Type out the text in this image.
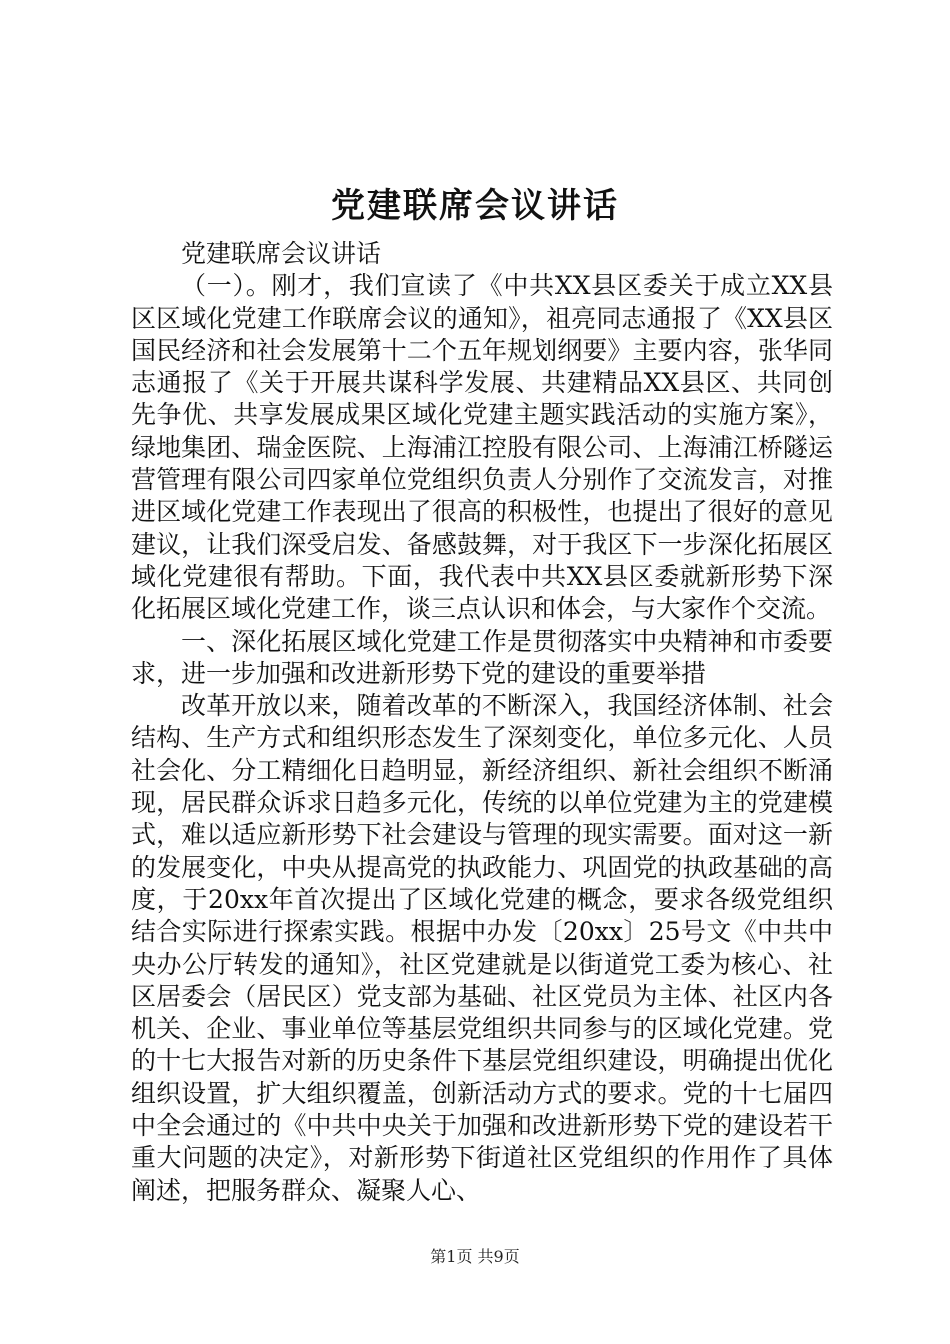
党建联席会议讲话

党建联席会议讲话

（一）。刚才，我们宣读了《中共XX县区委关于成立XX县区区域化党建工作联席会议的通知》，祖亮同志通报了《XX县区国民经济和社会发展第十二个五年规划纲要》主要内容，张华同志通报了《关于开展共谋科学发展、共建精品XX县区、共同创先争优、共享发展成果区域化党建主题实践活动的实施方案》，绿地集团、瑞金医院、上海浦江控股有限公司、上海浦江桥隧运营管理有限公司四家单位党组织负责人分别作了交流发言，对推进区域化党建工作表现出了很高的积极性，也提出了很好的意见建议，让我们深受启发、备感鼓舞，对于我区下一步深化拓展区域化党建很有帮助。下面，我代表中共XX县区委就新形势下深化拓展区域化党建工作，谈三点认识和体会，与大家作个交流。

一、深化拓展区域化党建工作是贯彻落实中央精神和市委要求，进一步加强和改进新形势下党的建设的重要举措

改革开放以来，随着改革的不断深入，我国经济体制、社会结构、生产方式和组织形态发生了深刻变化，单位多元化、人员社会化、分工精细化日趋明显，新经济组织、新社会组织不断涌现，居民群众诉求日趋多元化，传统的以单位党建为主的党建模式，难以适应新形势下社会建设与管理的现实需要。面对这一新的发展变化，中央从提高党的执政能力、巩固党的执政基础的高度，于20xx年首次提出了区域化党建的概念，要求各级党组织结合实际进行探索实践。根据中办发〔20xx〕25号文《中共中央办公厅转发的通知》，社区党建就是以街道党工委为核心、社区居委会（居民区）党支部为基础、社区党员为主体、社区内各机关、企业、事业单位等基层党组织共同参与的区域化党建。党的十七大报告对新的历史条件下基层党组织建设，明确提出优化组织设置，扩大组织覆盖，创新活动方式的要求。党的十七届四中全会通过的《中共中央关于加强和改进新形势下党的建设若干重大问题的决定》，对新形势下街道社区党组织的作用作了具体阐述，把服务群众、凝聚人心、

第1页 共9页
